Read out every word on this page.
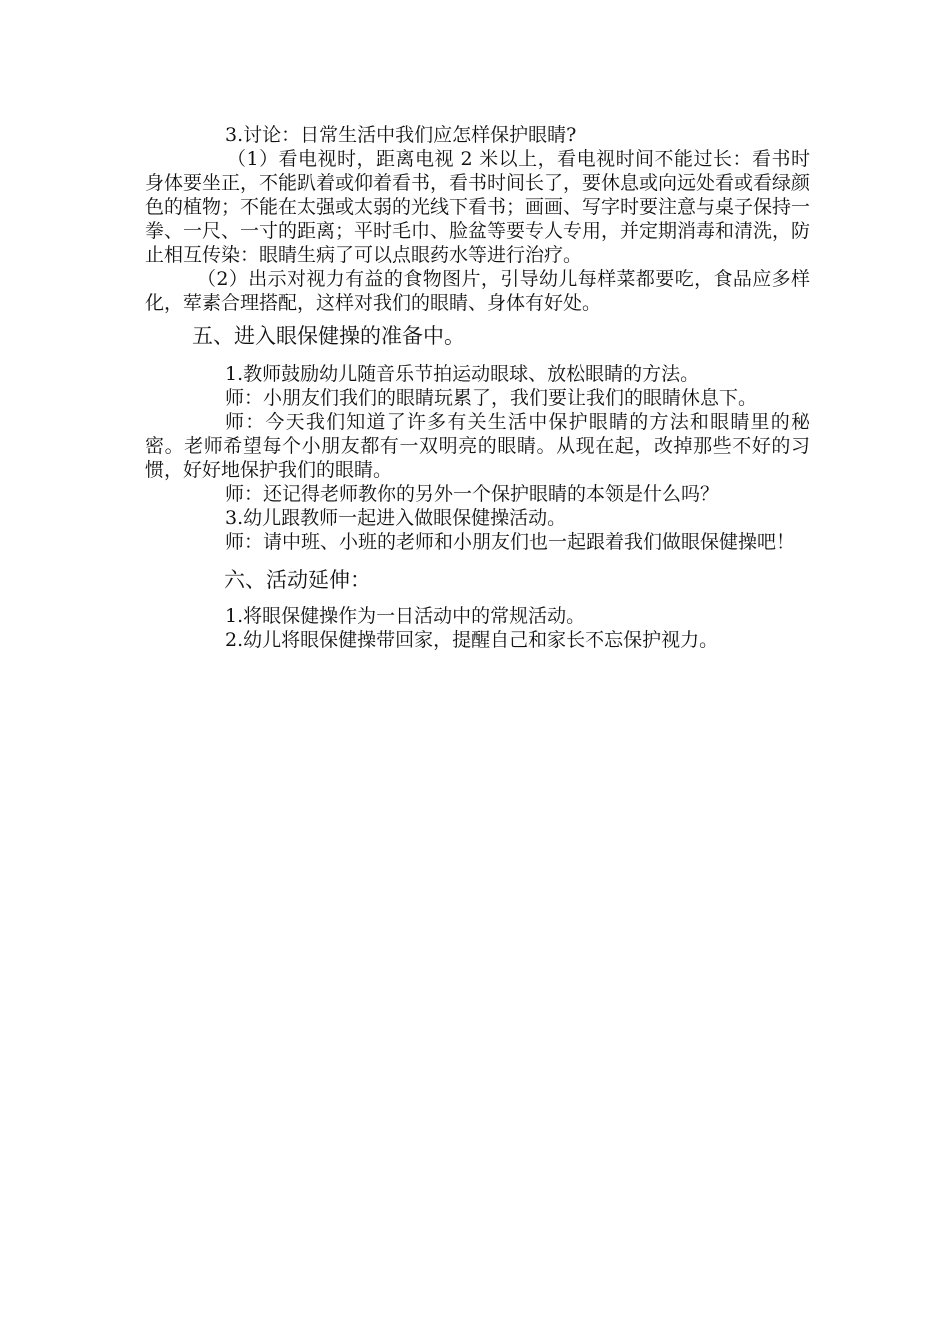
3.讨论：日常生活中我们应怎样保护眼睛?

（1）看电视时，距离电视 2 米以上，看电视时间不能过长：看书时身体要坐正，不能趴着或仰着看书，看书时间长了，要休息或向远处看或看绿颜色的植物；不能在太强或太弱的光线下看书；画画、写字时要注意与桌子保持一拳、一尺、一寸的距离；平时毛巾、脸盆等要专人专用，并定期消毒和清洗，防止相互传染：眼睛生病了可以点眼药水等进行治疗。

（2）出示对视力有益的食物图片，引导幼儿每样菜都要吃，食品应多样化，荤素合理搭配，这样对我们的眼睛、身体有好处。

五、进入眼保健操的准备中。

1.教师鼓励幼儿随音乐节拍运动眼球、放松眼睛的方法。

师：小朋友们我们的眼睛玩累了，我们要让我们的眼睛休息下。

师：今天我们知道了许多有关生活中保护眼睛的方法和眼睛里的秘密。老师希望每个小朋友都有一双明亮的眼睛。从现在起，改掉那些不好的习惯，好好地保护我们的眼睛。

师：还记得老师教你的另外一个保护眼睛的本领是什么吗？

3.幼儿跟教师一起进入做眼保健操活动。

师：请中班、小班的老师和小朋友们也一起跟着我们做眼保健操吧！

六、活动延伸：

1.将眼保健操作为一日活动中的常规活动。

2.幼儿将眼保健操带回家，提醒自己和家长不忘保护视力。
